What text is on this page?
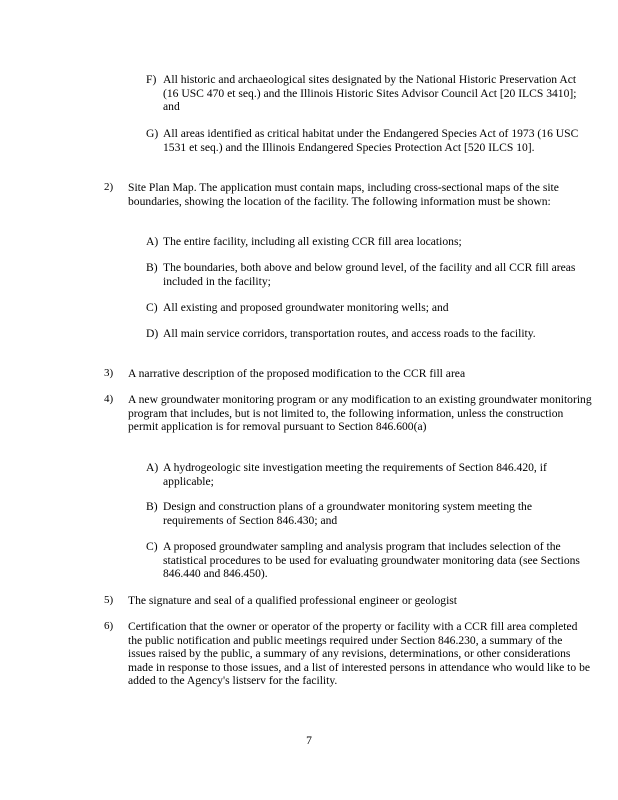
F) All historic and archaeological sites designated by the National Historic Preservation Act (16 USC 470 et seq.) and the Illinois Historic Sites Advisor Council Act [20 ILCS 3410]; and
G) All areas identified as critical habitat under the Endangered Species Act of 1973 (16 USC 1531 et seq.) and the Illinois Endangered Species Protection Act [520 ILCS 10].
2) Site Plan Map. The application must contain maps, including cross-sectional maps of the site boundaries, showing the location of the facility. The following information must be shown:
A) The entire facility, including all existing CCR fill area locations;
B) The boundaries, both above and below ground level, of the facility and all CCR fill areas included in the facility;
C) All existing and proposed groundwater monitoring wells; and
D) All main service corridors, transportation routes, and access roads to the facility.
3) A narrative description of the proposed modification to the CCR fill area
4) A new groundwater monitoring program or any modification to an existing groundwater monitoring program that includes, but is not limited to, the following information, unless the construction permit application is for removal pursuant to Section 846.600(a)
A) A hydrogeologic site investigation meeting the requirements of Section 846.420, if applicable;
B) Design and construction plans of a groundwater monitoring system meeting the requirements of Section 846.430; and
C) A proposed groundwater sampling and analysis program that includes selection of the statistical procedures to be used for evaluating groundwater monitoring data (see Sections 846.440 and 846.450).
5) The signature and seal of a qualified professional engineer or geologist
6) Certification that the owner or operator of the property or facility with a CCR fill area completed the public notification and public meetings required under Section 846.230, a summary of the issues raised by the public, a summary of any revisions, determinations, or other considerations made in response to those issues, and a list of interested persons in attendance who would like to be added to the Agency's listserv for the facility.
7
